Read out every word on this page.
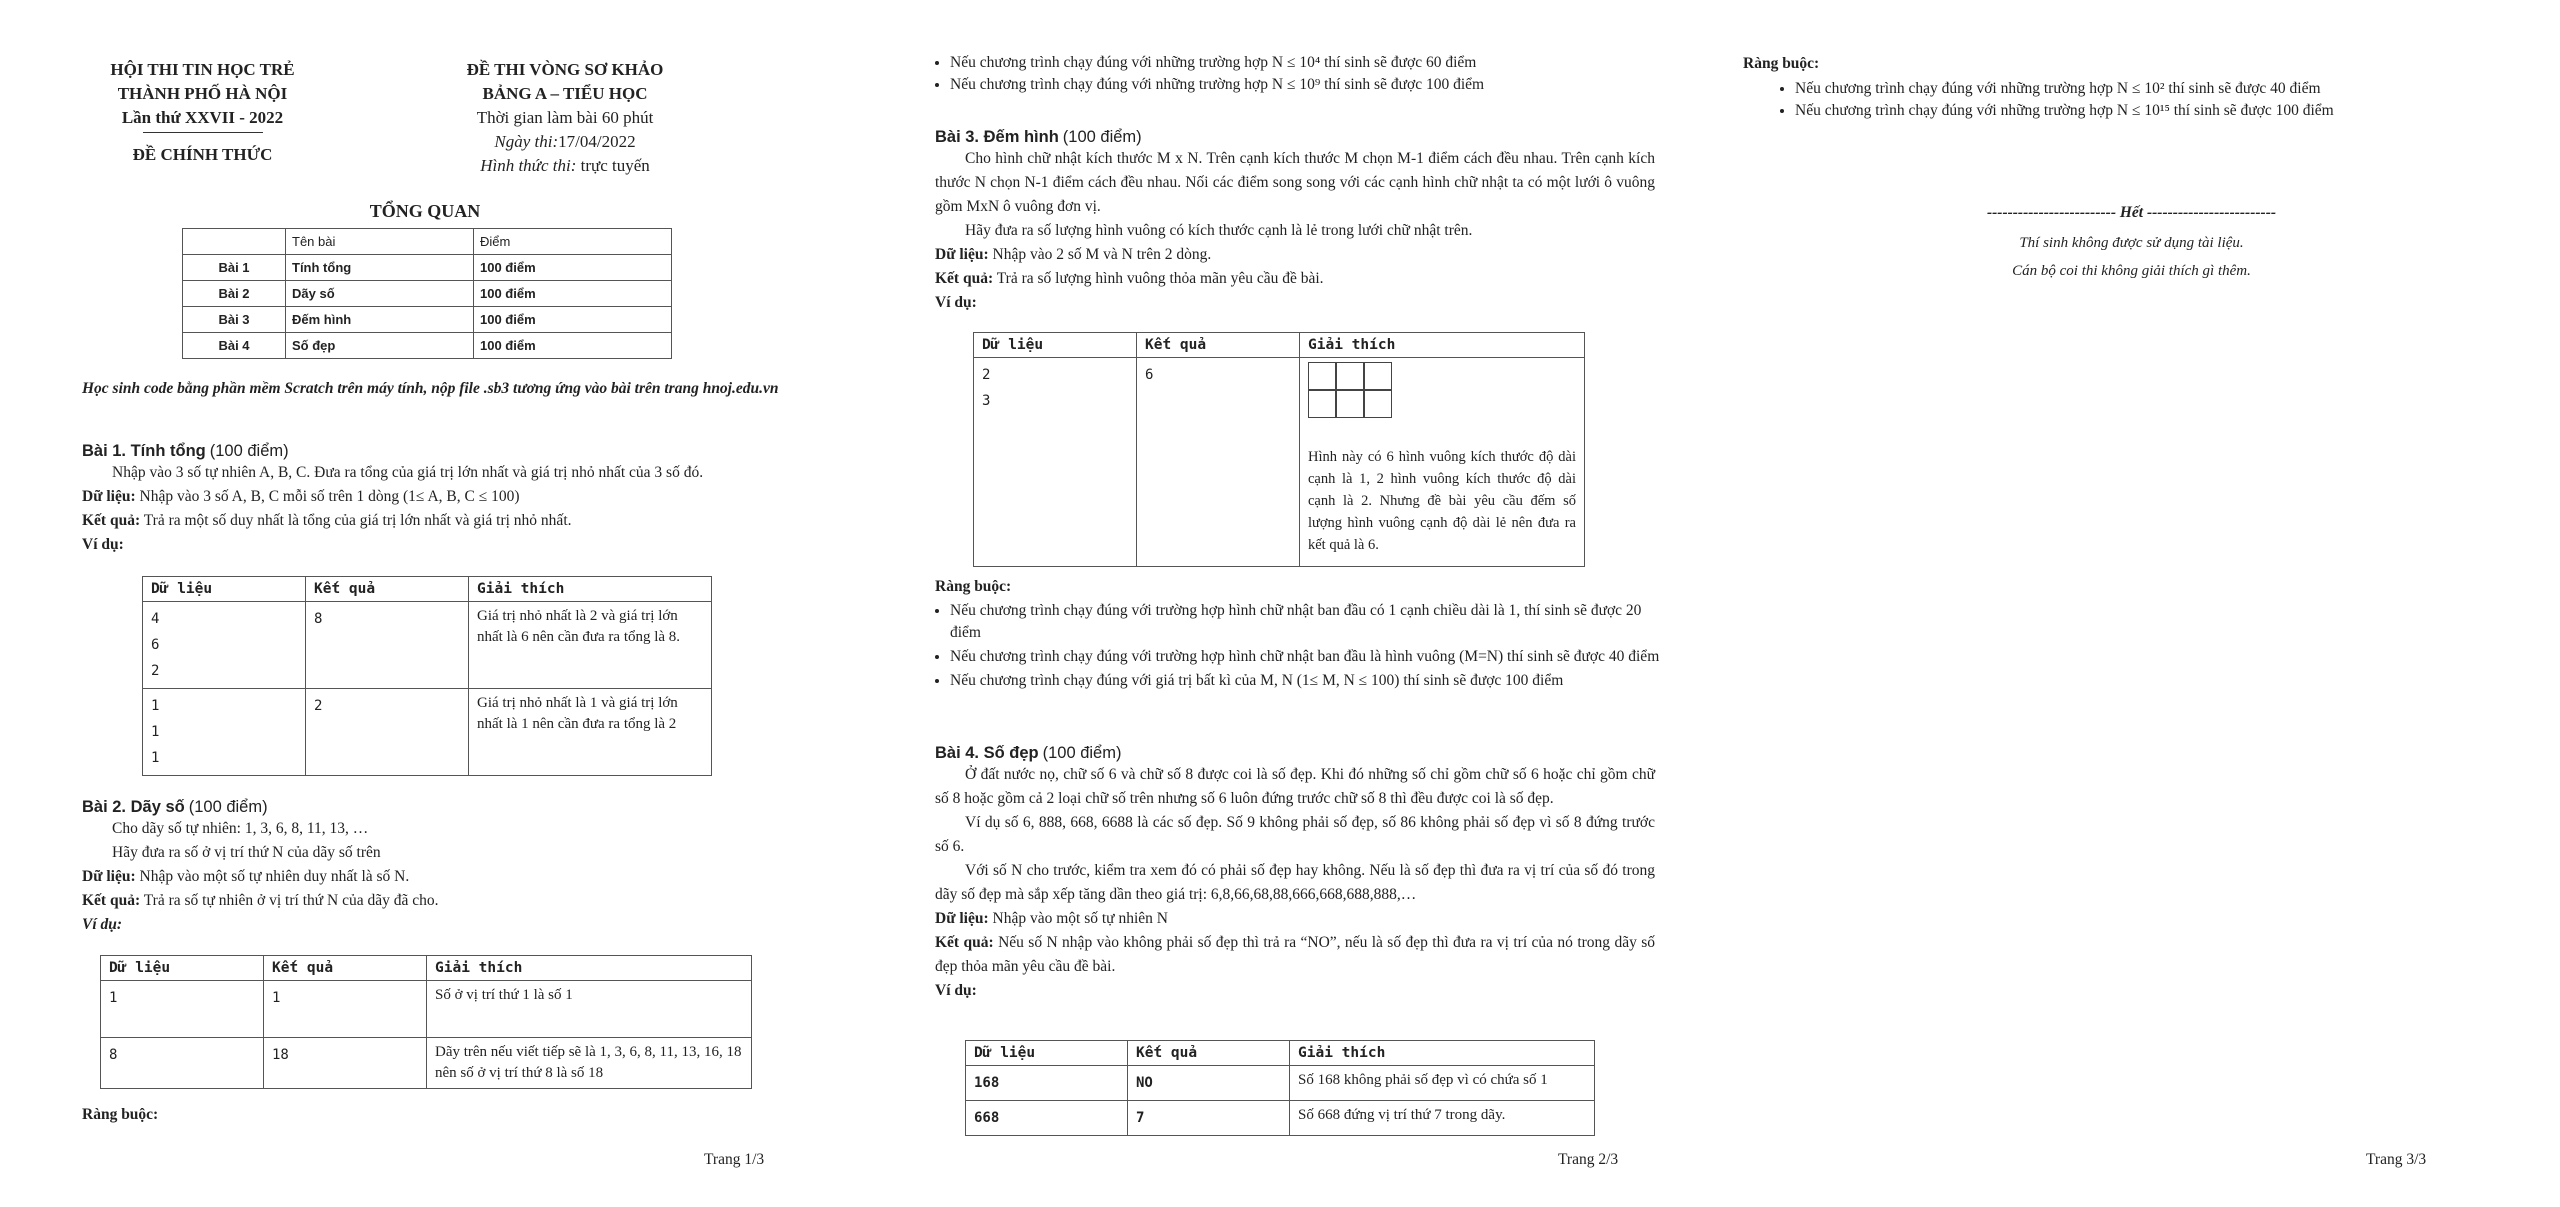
HỘI THI TIN HỌC TRẺ
THÀNH PHỐ HÀ NỘI
Lần thứ XXVII - 2022
ĐỀ CHÍNH THỨC
ĐỀ THI VÒNG SƠ KHẢO
BẢNG A – TIỂU HỌC
Thời gian làm bài 60 phút
Ngày thi:17/04/2022
Hình thức thi: trực tuyến
TỔNG QUAN
	Tên bài	Điểm
Bài 1	Tính tổng	100 điểm
Bài 2	Dãy số	100 điểm
Bài 3	Đếm hình	100 điểm
Bài 4	Số đẹp	100 điểm

Học sinh code bằng phần mềm Scratch trên máy tính, nộp file .sb3 tương ứng vào bài trên trang hnoj.edu.vn

Bài 1. Tính tổng (100 điểm)

Nhập vào 3 số tự nhiên A, B, C. Đưa ra tổng của giá trị lớn nhất và giá trị nhỏ nhất của 3 số đó.

Dữ liệu: Nhập vào 3 số A, B, C mỗi số trên 1 dòng (1≤ A, B, C ≤ 100)

Kết quả: Trả ra một số duy nhất là tổng của giá trị lớn nhất và giá trị nhỏ nhất.

Ví dụ:

Dữ liệu	Kết quả	Giải thích

4
6
2	8	Giá trị nhỏ nhất là 2 và giá trị lớn nhất là 6 nên cần đưa ra tổng là 8.

1
1
1	2	Giá trị nhỏ nhất là 1 và giá trị lớn nhất là 1 nên cần đưa ra tổng là 2
Bài 2. Dãy số (100 điểm)

Cho dãy số tự nhiên: 1, 3, 6, 8, 11, 13, …

Hãy đưa ra số ở vị trí thứ N của dãy số trên

Dữ liệu: Nhập vào một số tự nhiên duy nhất là số N.

Kết quả: Trả ra số tự nhiên ở vị trí thứ N của dãy đã cho.

Ví dụ:

Dữ liệu	Kết quả	Giải thích
1	1	Số ở vị trí thứ 1 là số 1
8	18	Dãy trên nếu viết tiếp sẽ là 1, 3, 6, 8, 11, 13, 16, 18 nên số ở vị trí thứ 8 là số 18

Ràng buộc:

Trang 1/3

• Nếu chương trình chạy đúng với những trường hợp N ≤ 10⁴ thí sinh sẽ được 60 điểm
• Nếu chương trình chạy đúng với những trường hợp N ≤ 10⁹ thí sinh sẽ được 100 điểm
Bài 3. Đếm hình (100 điểm)

Cho hình chữ nhật kích thước M x N. Trên cạnh kích thước M chọn M-1 điểm cách đều nhau. Trên cạnh kích thước N chọn N-1 điểm cách đều nhau. Nối các điểm song song với các cạnh hình chữ nhật ta có một lưới ô vuông gồm MxN ô vuông đơn vị.

Hãy đưa ra số lượng hình vuông có kích thước cạnh là lẻ trong lưới chữ nhật trên.

Dữ liệu: Nhập vào 2 số M và N trên 2 dòng.

Kết quả: Trả ra số lượng hình vuông thỏa mãn yêu cầu đề bài.

Ví dụ:

Dữ liệu	Kết quả	Giải thích

2
3	6	Hình này có 6 hình vuông kích thước độ dài cạnh là 1, 2 hình vuông kích thước độ dài cạnh là 2. Nhưng đề bài yêu cầu đếm số lượng hình vuông cạnh độ dài lẻ nên đưa ra kết quả là 6.

Ràng buộc:

• Nếu chương trình chạy đúng với trường hợp hình chữ nhật ban đầu có 1 cạnh chiều dài là 1, thí sinh sẽ được 20 điểm
• Nếu chương trình chạy đúng với trường hợp hình chữ nhật ban đầu là hình vuông (M=N) thí sinh sẽ được 40 điểm
• Nếu chương trình chạy đúng với giá trị bất kì của M, N (1≤ M, N ≤ 100) thí sinh sẽ được 100 điểm
Bài 4. Số đẹp (100 điểm)

Ở đất nước nọ, chữ số 6 và chữ số 8 được coi là số đẹp. Khi đó những số chỉ gồm chữ số 6 hoặc chỉ gồm chữ số 8 hoặc gồm cả 2 loại chữ số trên nhưng số 6 luôn đứng trước chữ số 8 thì đều được coi là số đẹp.

Ví dụ số 6, 888, 668, 6688 là các số đẹp. Số 9 không phải số đẹp, số 86 không phải số đẹp vì số 8 đứng trước số 6.

Với số N cho trước, kiểm tra xem đó có phải số đẹp hay không. Nếu là số đẹp thì đưa ra vị trí của số đó trong dãy số đẹp mà sắp xếp tăng dần theo giá trị: 6,8,66,68,88,666,668,688,888,…

Dữ liệu: Nhập vào một số tự nhiên N

Kết quả: Nếu số N nhập vào không phải số đẹp thì trả ra “NO”, nếu là số đẹp thì đưa ra vị trí của nó trong dãy số đẹp thỏa mãn yêu cầu đề bài.

Ví dụ:

Dữ liệu	Kết quả	Giải thích
168	NO	Số 168 không phải số đẹp vì có chứa số 1
668	7	Số 668 đứng vị trí thứ 7 trong dãy.

Trang 2/3

Ràng buộc:

• Nếu chương trình chạy đúng với những trường hợp N ≤ 10² thí sinh sẽ được 40 điểm
• Nếu chương trình chạy đúng với những trường hợp N ≤ 10¹⁵ thí sinh sẽ được 100 điểm

------------------------- Hết -------------------------

Thí sinh không được sử dụng tài liệu.

Cán bộ coi thi không giải thích gì thêm.

Trang 3/3
